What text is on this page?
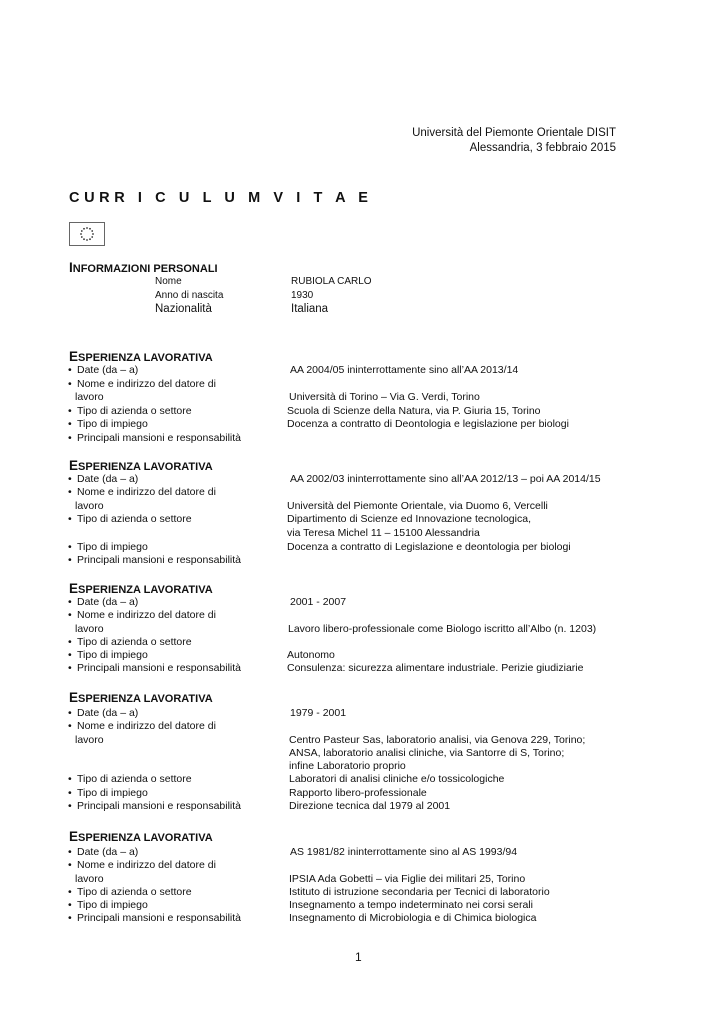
Università del Piemonte Orientale DISIT
Alessandria, 3 febbraio 2015
CURR I C U L U M V I T A E
INFORMAZIONI PERSONALI
Nome	RUBIOLA CARLO
Anno di nascita	1930
Nazionalità	Italiana
ESPERIENZA LAVORATIVA
• Date (da – a)	AA 2004/05 ininterrottamente sino all’AA 2013/14
• Nome e indirizzo del datore di
lavoro	Università di Torino – Via G. Verdi, Torino
• Tipo di azienda o settore	Scuola di Scienze della Natura, via P. Giuria 15, Torino
• Tipo di impiego	Docenza a contratto di Deontologia e legislazione per biologi
• Principali mansioni e responsabilità
ESPERIENZA LAVORATIVA
• Date (da – a)	AA 2002/03 ininterrottamente sino all’AA 2012/13 – poi AA 2014/15
• Nome e indirizzo del datore di
lavoro	Università del Piemonte Orientale, via Duomo 6, Vercelli
• Tipo di azienda o settore	Dipartimento di Scienze ed Innovazione tecnologica,
via Teresa Michel 11 – 15100 Alessandria
• Tipo di impiego	Docenza a contratto di Legislazione e deontologia per biologi
• Principali mansioni e responsabilità
ESPERIENZA LAVORATIVA
• Date (da – a)	2001 - 2007
• Nome e indirizzo del datore di
lavoro	Lavoro libero-professionale come Biologo iscritto all’Albo (n. 1203)
• Tipo di azienda o settore
• Tipo di impiego	Autonomo
• Principali mansioni e responsabilità	Consulenza: sicurezza alimentare industriale. Perizie giudiziarie
ESPERIENZA LAVORATIVA
• Date (da – a)	1979 - 2001
• Nome e indirizzo del datore di
lavoro	Centro Pasteur Sas, laboratorio analisi, via Genova 229, Torino;
ANSA, laboratorio analisi cliniche, via Santorre di S, Torino;
infine Laboratorio proprio
• Tipo di azienda o settore	Laboratori di analisi cliniche e/o tossicologiche
• Tipo di impiego	Rapporto libero-professionale
• Principali mansioni e responsabilità	Direzione tecnica dal 1979 al 2001
ESPERIENZA LAVORATIVA
• Date (da – a)	AS 1981/82 ininterrottamente sino al AS 1993/94
• Nome e indirizzo del datore di
lavoro	IPSIA Ada Gobetti – via Figlie dei militari 25, Torino
• Tipo di azienda o settore	Istituto di istruzione secondaria per Tecnici di laboratorio
• Tipo di impiego	Insegnamento a tempo indeterminato nei corsi serali
• Principali mansioni e responsabilità	Insegnamento di Microbiologia e di Chimica biologica
1
